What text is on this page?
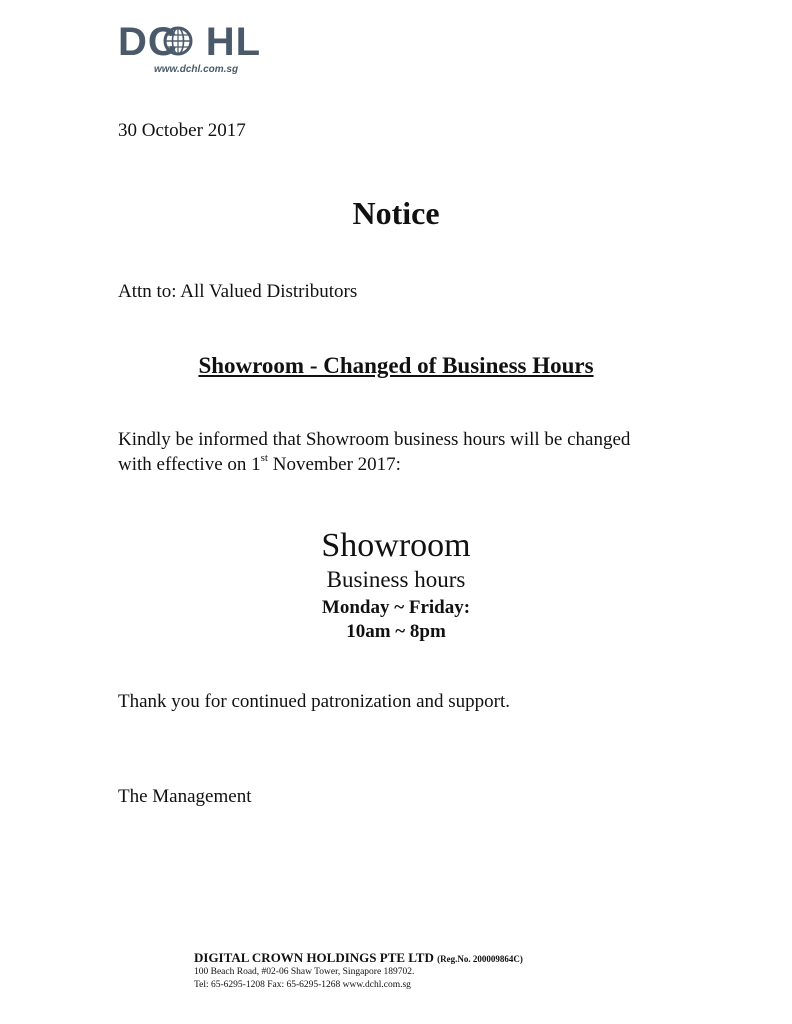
DC HL
www.dchl.com.sg
30 October 2017
Notice
Attn to: All Valued Distributors
Showroom - Changed of Business Hours
Kindly be informed that Showroom business hours will be changed
with effective on 1st November 2017:
Showroom
Business hours
Monday ~ Friday:
10am ~ 8pm
Thank you for continued patronization and support.
The Management
DIGITAL CROWN HOLDINGS PTE LTD (Reg.No. 200009864C)
100 Beach Road, #02-06 Shaw Tower, Singapore 189702.
Tel: 65-6295-1208 Fax: 65-6295-1268 www.dchl.com.sg
